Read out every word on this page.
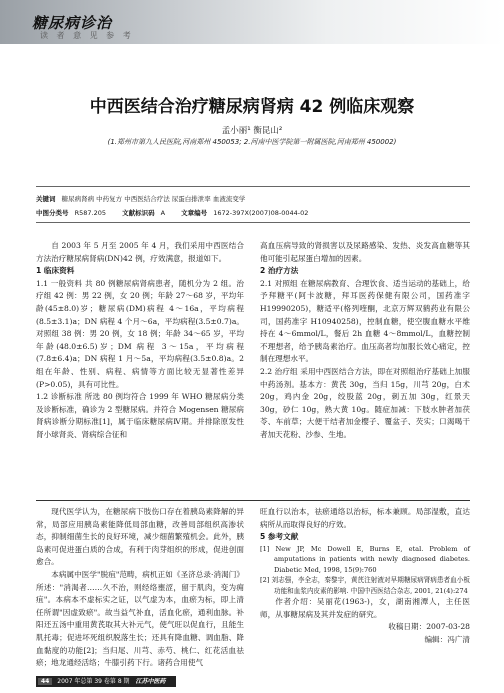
糖尿病诊治
读 者 意 见 参 考
中西医结合治疗糖尿病肾病 42 例临床观察
孟小丽¹ 衡昆山²
(1.郑州市第九人民医院,河南郑州 450053; 2.河南中医学院第一附属医院,河南郑州 450002)
关键词 糖尿病肾病 中药复方 中西医结合疗法 尿蛋白排泄率 血液流变学
中图分类号 R587.205 文献标识码 A 文章编号 1672-397X(2007)08-0044-02

自 2003 年 5 月至 2005 年 4 月，我们采用中西医结合方法治疗糖尿病肾病(DN)42 例，疗效满意，报道如下。

1 临床资料

1.1 一般资料 共 80 例糖尿病肾病患者，随机分为 2 组。治疗组 42 例：男 22 例，女 20 例；年龄 27～68 岁，平均年龄(45±8.0)岁；糖尿病(DM)病程 4～16a，平均病程(8.5±3.1)a；DN 病程 4 个月～6a，平均病程(3.5±0.7)a。对照组 38 例：男 20 例，女 18 例；年龄 34～65 岁，平均年龄(48.0±6.5)岁；DM 病程 3～15a，平均病程 (7.8±6.4)a；DN 病程 1 月～5a，平均病程(3.5±0.8)a。2 组在年龄、性别、病程、病情等方面比较无显著性差异(P>0.05)，具有可比性。

1.2 诊断标准 所选 80 例均符合 1999 年 WHO 糖尿病分类及诊断标准，确诊为 2 型糖尿病。并符合 Mogensen 糖尿病肾病诊断分期标准[1]，属于临床糖尿病Ⅳ期。并排除原发性肾小球肾炎、肾病综合征和

高血压病导致的肾损害以及尿路感染、发热、炎发高血糖等其他可能引起尿蛋白增加的因素。

2 治疗方法

2.1 对照组 在糖尿病教育、合理饮食、适当运动的基础上，给予拜糖平(阿卡波糖，拜耳医药保健有限公司，国药准字 H19990205)，糖适平(格列喹酮，北京万辉双鹤药业有限公司，国药准字 H10940258)，控制血糖，使空腹血糖水平维持在 4～6mmol/L，餐后 2h 血糖 4～8mmol/L，血糖控制不理想者，给予胰岛素治疗。血压高者均加服长效心痛定，控制在理想水平。

2.2 治疗组 采用中西医结合方法，即在对照组治疗基础上加服中药汤剂。基本方：黄芪 30g，当归 15g，川芎 20g，白术 20g，鸡内金 20g，绞股蓝 20g，刺五加 30g，红景天 30g，砂仁 10g，熟大黄 10g。随症加减：下肢水肿者加茯苓、车前草；大便干结者加金樱子、覆盆子、芡实；口渴喝干者加天花粉、沙参、生地。

现代医学认为，在糖尿病下肢伤口存在着胰岛素降解的异常，局部应用胰岛素能降低局部血糖，改善局部组织高渗状态，抑制细菌生长的良好环境，减少细菌繁殖机会。此外，胰岛素可促进蛋白质的合成，有利于肉芽组织的形成，促进创面愈合。

本病属中医学"脱疽"范畴，病机正如《圣济总录·消渴门》所述："消渴者……久不治，则经络壅涩，留于肌肉，变为痈疽"。本病本不虚标实之证，以气虚为本，血瘀为标，即上清任所谓"因虚致瘀"。故当益气补血，活血化瘀，通利血脉。补阳还五汤中重用黄芪取其大补元气，使气旺以促血行，且能生肌托毒；促进坏死组织脱落生长；还具有降血糖、调血脂、降血黏度的功能[2]；当归尾、川芎、赤芍、桃仁、红花活血祛瘀；地龙通经活络；牛膝引药下行。诸药合用使气

旺血行以治本，祛瘀通络以治标，标本兼顾。局部湿敷，直达病所从而取得良好的疗效。

5 参考文献

[1] New JP, Mc Dowell E, Burns E, etal. Problem of amputations in patients with newly diagnosed diabetes. Diabetic Med, 1998, 15(9):760

[2] 刘志强，李全志，秦黎宇，黄芪注射液对早期糖尿病肾病患者血小板功能和血浆内皮素的影响. 中国中西医结合杂志, 2001, 21(4):274

作者介绍：吴丽花(1963-)，女，湖南湘潭人，主任医师，从事糖尿病及其并发症的研究。

收稿日期：2007-03-28

编辑：冯广清

44 2007 年总第 39 卷第 8 期 江苏中医药
